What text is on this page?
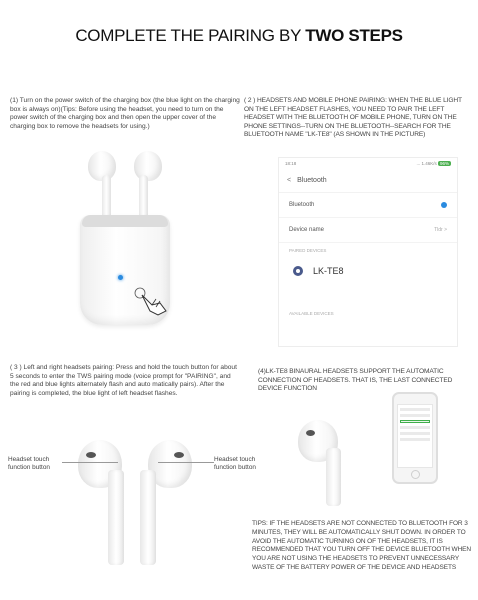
COMPLETE THE PAIRING BY TWO STEPS
(1) Turn on the power switch of the charging box (the blue light on the charging box is always on)(Tips: Before using the headset, you need to turn on the power switch of the charging box and then open the upper cover of the charging box to remove the headsets for using.)
( 2 ) HEADSETS AND MOBILE PHONE PAIRING: WHEN THE BLUE LIGHT ON THE LEFT HEADSET FLASHES, YOU NEED TO PAIR THE LEFT HEADSET WITH THE BLUETOOTH OF MOBILE PHONE, TURN ON THE PHONE SETTINGS--TURN ON THE BLUETOOTH--SEARCH FOR THE BLUETOOTH NAME "LK-TE8" (AS SHOWN IN THE PICTURE)
18:18	... 1.46K/s 96%
< Bluetooth
Bluetooth
Device name	Tldr >
PAIRED DEVICES
LK-TE8
AVAILABLE DEVICES
( 3 ) Left and right headsets pairing: Press and hold the touch button for about 5 seconds to enter the TWS pairing mode (voice prompt for "PAIRING", and the red and blue lights alternately flash and auto matically pairs). After the pairing is completed, the blue light of left headset flashes.
(4)LK-TE8 BINAURAL HEADSETS SUPPORT THE AUTOMATIC CONNECTION OF HEADSETS. THAT IS, THE LAST CONNECTED DEVICE FUNCTION
Headset touch function button
Headset touch function button
TIPS: IF THE HEADSETS ARE NOT CONNECTED TO BLUETOOTH FOR 3 MINUTES, THEY WILL BE AUTOMATICALLY SHUT DOWN. IN ORDER TO AVOID THE AUTOMATIC TURNING ON OF THE HEADSETS, IT IS RECOMMENDED THAT YOU TURN OFF THE DEVICE BLUETOOTH WHEN YOU ARE NOT USING THE HEADSETS TO PREVENT UNNECESSARY WASTE OF THE BATTERY POWER OF THE DEVICE AND HEADSETS
